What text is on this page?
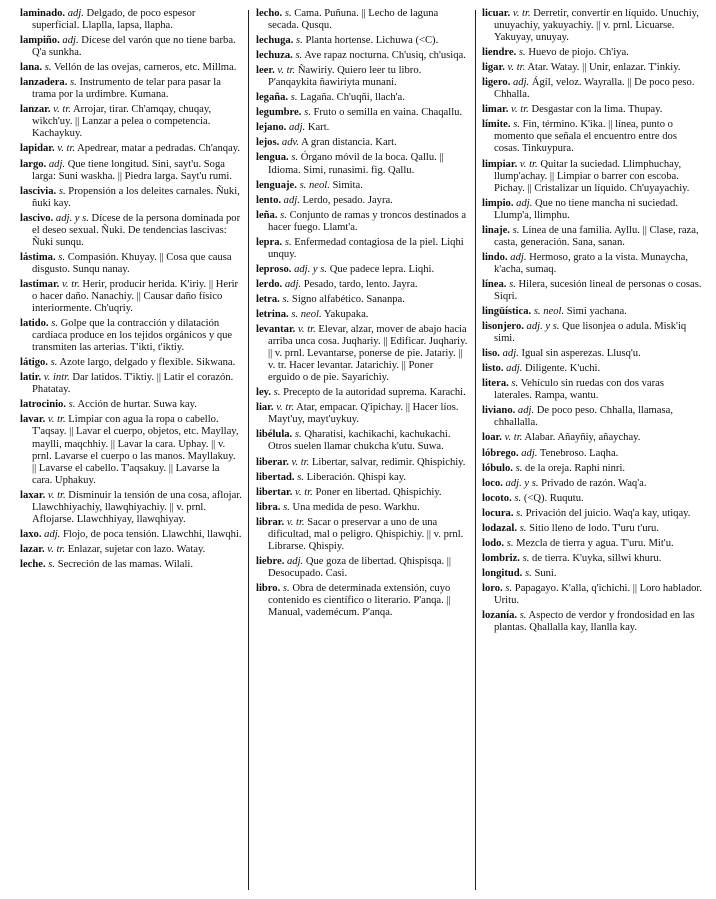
laminado. adj. Delgado, de poco espesor superficial. Llaplla, lapsa, llapha.
lampiño. adj. Dícese del varón que no tiene barba. Q'a sunkha.
lana. s. Vellón de las ovejas, carneros, etc. Millma.
lanzadera. s. Instrumento de telar para pasar la trama por la urdimbre. Kumana.
lanzar. v. tr. Arrojar, tirar. Ch'amqay, chuqay, wikch'uy. || Lanzar a pelea o competencia. Kachaykuy.
lapidar. v. tr. Apedrear, matar a pedradas. Ch'anqay.
largo. adj. Que tiene longitud. Sini, sayt'u. Soga larga: Suni waskha. || Piedra larga. Sayt'u rumi.
lascivia. s. Propensión a los deleites carnales. Ñuki, ñuki kay.
lascivo. adj. y s. Dícese de la persona dominada por el deseo sexual. Ñuki. De tendencias lascivas: Ñuki sunqu.
lástima. s. Compasión. Khuyay. || Cosa que causa disgusto. Sunqu nanay.
lastimar. v. tr. Herir, producir herida. K'iriy. || Herir o hacer daño. Nanachiy. || Causar daño físico interiormente. Ch'uqriy.
latido. s. Golpe que la contracción y dilatación cardíaca produce en los tejidos orgánicos y que transmiten las arterias. T'ikti, t'iktiy.
látigo. s. Azote largo, delgado y flexible. Sikwana.
latir. v. intr. Dar latidos. T'iktiy. || Latir el corazón. Phatatay.
latrocinio. s. Acción de hurtar. Suwa kay.
lavar. v. tr. Limpiar con agua la ropa o cabello. T'aqsay. || Lavar el cuerpo, objetos, etc. Mayllay, maylli, maqchhiy. || Lavar la cara. Uphay. || v. prnl. Lavarse el cuerpo o las manos. Mayllakuy. || Lavarse el cabello. T'aqsakuy. || Lavarse la cara. Uphakuy.
laxar. v. tr. Disminuir la tensión de una cosa, aflojar. Llawchhiyachiy, llawqhiyachiy. || v. prnl. Aflojarse. Llawchhiyay, llawqhiyay.
laxo. adj. Flojo, de poca tensión. Llawchhi, llawqhi.
lazar. v. tr. Enlazar, sujetar con lazo. Watay.
leche. s. Secreción de las mamas. Wilali.
lecho. s. Cama. Puñuna. || Lecho de laguna secada. Qusqu.
lechuga. s. Planta hortense. Lichuwa (<C).
lechuza. s. Ave rapaz nocturna. Ch'usiq, ch'usiqa.
leer. v. tr. Ñawiriy. Quiero leer tu libro. P'anqaykita ñawiriyta munani.
legaña. s. Lagaña. Ch'uqñi, llach'a.
legumbre. s. Fruto o semilla en vaina. Chaqallu.
lejano. adj. Kart.
lejos. adv. A gran distancia. Kart.
lengua. s. Órgano móvil de la boca. Qallu. || Idioma. Simi, runasimi. fig. Qallu.
lenguaje. s. neol. Simita.
lento. adj. Lerdo, pesado. Jayra.
leña. s. Conjunto de ramas y troncos destinados a hacer fuego. Llamt'a.
lepra. s. Enfermedad contagiosa de la piel. Liqhi unquy.
leproso. adj. y s. Que padece lepra. Liqhi.
lerdo. adj. Pesado, tardo, lento. Jayra.
letra. s. Signo alfabético. Sananpa.
letrina. s. neol. Yakupaka.
levantar. v. tr. Elevar, alzar, mover de abajo hacia arriba unca cosa. Juqhariy. || Edificar. Juqhariy. || v. prnl. Levantarse, ponerse de pie. Jatariy. || v. tr. Hacer levantar. Jatarichiy. || Poner erguido o de pie. Sayarichiy.
ley. s. Precepto de la autoridad suprema. Karachi.
liar. v. tr. Atar, empacar. Q'ipichay. || Hacer líos. Mayt'uy, mayt'uykuy.
libélula. s. Qharatisi, kachikachi, kachukachi. Otros suelen llamar chukcha k'utu. Suwa.
liberar. v. tr. Libertar, salvar, redimir. Qhispichiy.
libertad. s. Liberación. Qhispi kay.
libertar. v. tr. Poner en libertad. Qhispichiy.
libra. s. Una medida de peso. Warkhu.
librar. v. tr. Sacar o preservar a uno de una dificultad, mal o peligro. Qhispichiy. || v. prnl. Librarse. Qhispiy.
liebre. adj. Que goza de libertad. Qhispisqa. || Desocupado. Casi.
libro. s. Obra de determinada extensión, cuyo contenido es científico o literario. P'anqa. || Manual, vademécum. P'anqa.
licuar. v. tr. Derretir, convertir en líquido. Unuchiy, unuyachiy, yakuyachiy. || v. prnl. Licuarse. Yakuyay, unuyay.
liendre. s. Huevo de piojo. Ch'iya.
ligar. v. tr. Atar. Watay. || Unir, enlazar. T'inkiy.
ligero. adj. Ágil, veloz. Wayralla. || De poco peso. Chhalla.
limar. v. tr. Desgastar con la lima. Thupay.
límite. s. Fin, término. K'ika. || línea, punto o momento que señala el encuentro entre dos cosas. Tinkuypura.
limpiar. v. tr. Quitar la suciedad. Llimphuchay, llump'achay. || Limpiar o barrer con escoba. Pichay. || Cristalizar un líquido. Ch'uyayachiy.
limpio. adj. Que no tiene mancha ni suciedad. Llump'a, llimphu.
linaje. s. Línea de una familia. Ayllu. || Clase, raza, casta, generación. Sana, sanan.
lindo. adj. Hermoso, grato a la vista. Munaycha, k'acha, sumaq.
línea. s. Hilera, sucesión lineal de personas o cosas. Siqri.
lingüística. s. neol. Simi yachana.
lisonjero. adj. y s. Que lisonjea o adula. Misk'iq simi.
liso. adj. Igual sin asperezas. Llusq'u.
listo. adj. Diligente. K'uchi.
litera. s. Vehículo sin ruedas con dos varas laterales. Rampa, wantu.
liviano. adj. De poco peso. Chhalla, llamasa, chhallalla.
loar. v. tr. Alabar. Añayñiy, añaychay.
lóbrego. adj. Tenebroso. Laqha.
lóbulo. s. de la oreja. Raphi ninri.
loco. adj. y s. Privado de razón. Waq'a.
locoto. s. (<Q). Ruqutu.
locura. s. Privación del juicio. Waq'a kay, utiqay.
lodazal. s. Sitio lleno de lodo. T'uru t'uru.
lodo. s. Mezcla de tierra y agua. T'uru. Mit'u.
lombriz. s. de tierra. K'uyka, sillwi khuru.
longitud. s. Suni.
loro. s. Papagayo. K'alla, q'ichichi. || Loro hablador. Uritu.
lozanía. s. Aspecto de verdor y frondosidad en las plantas. Qhallalla kay, llanlla kay.
